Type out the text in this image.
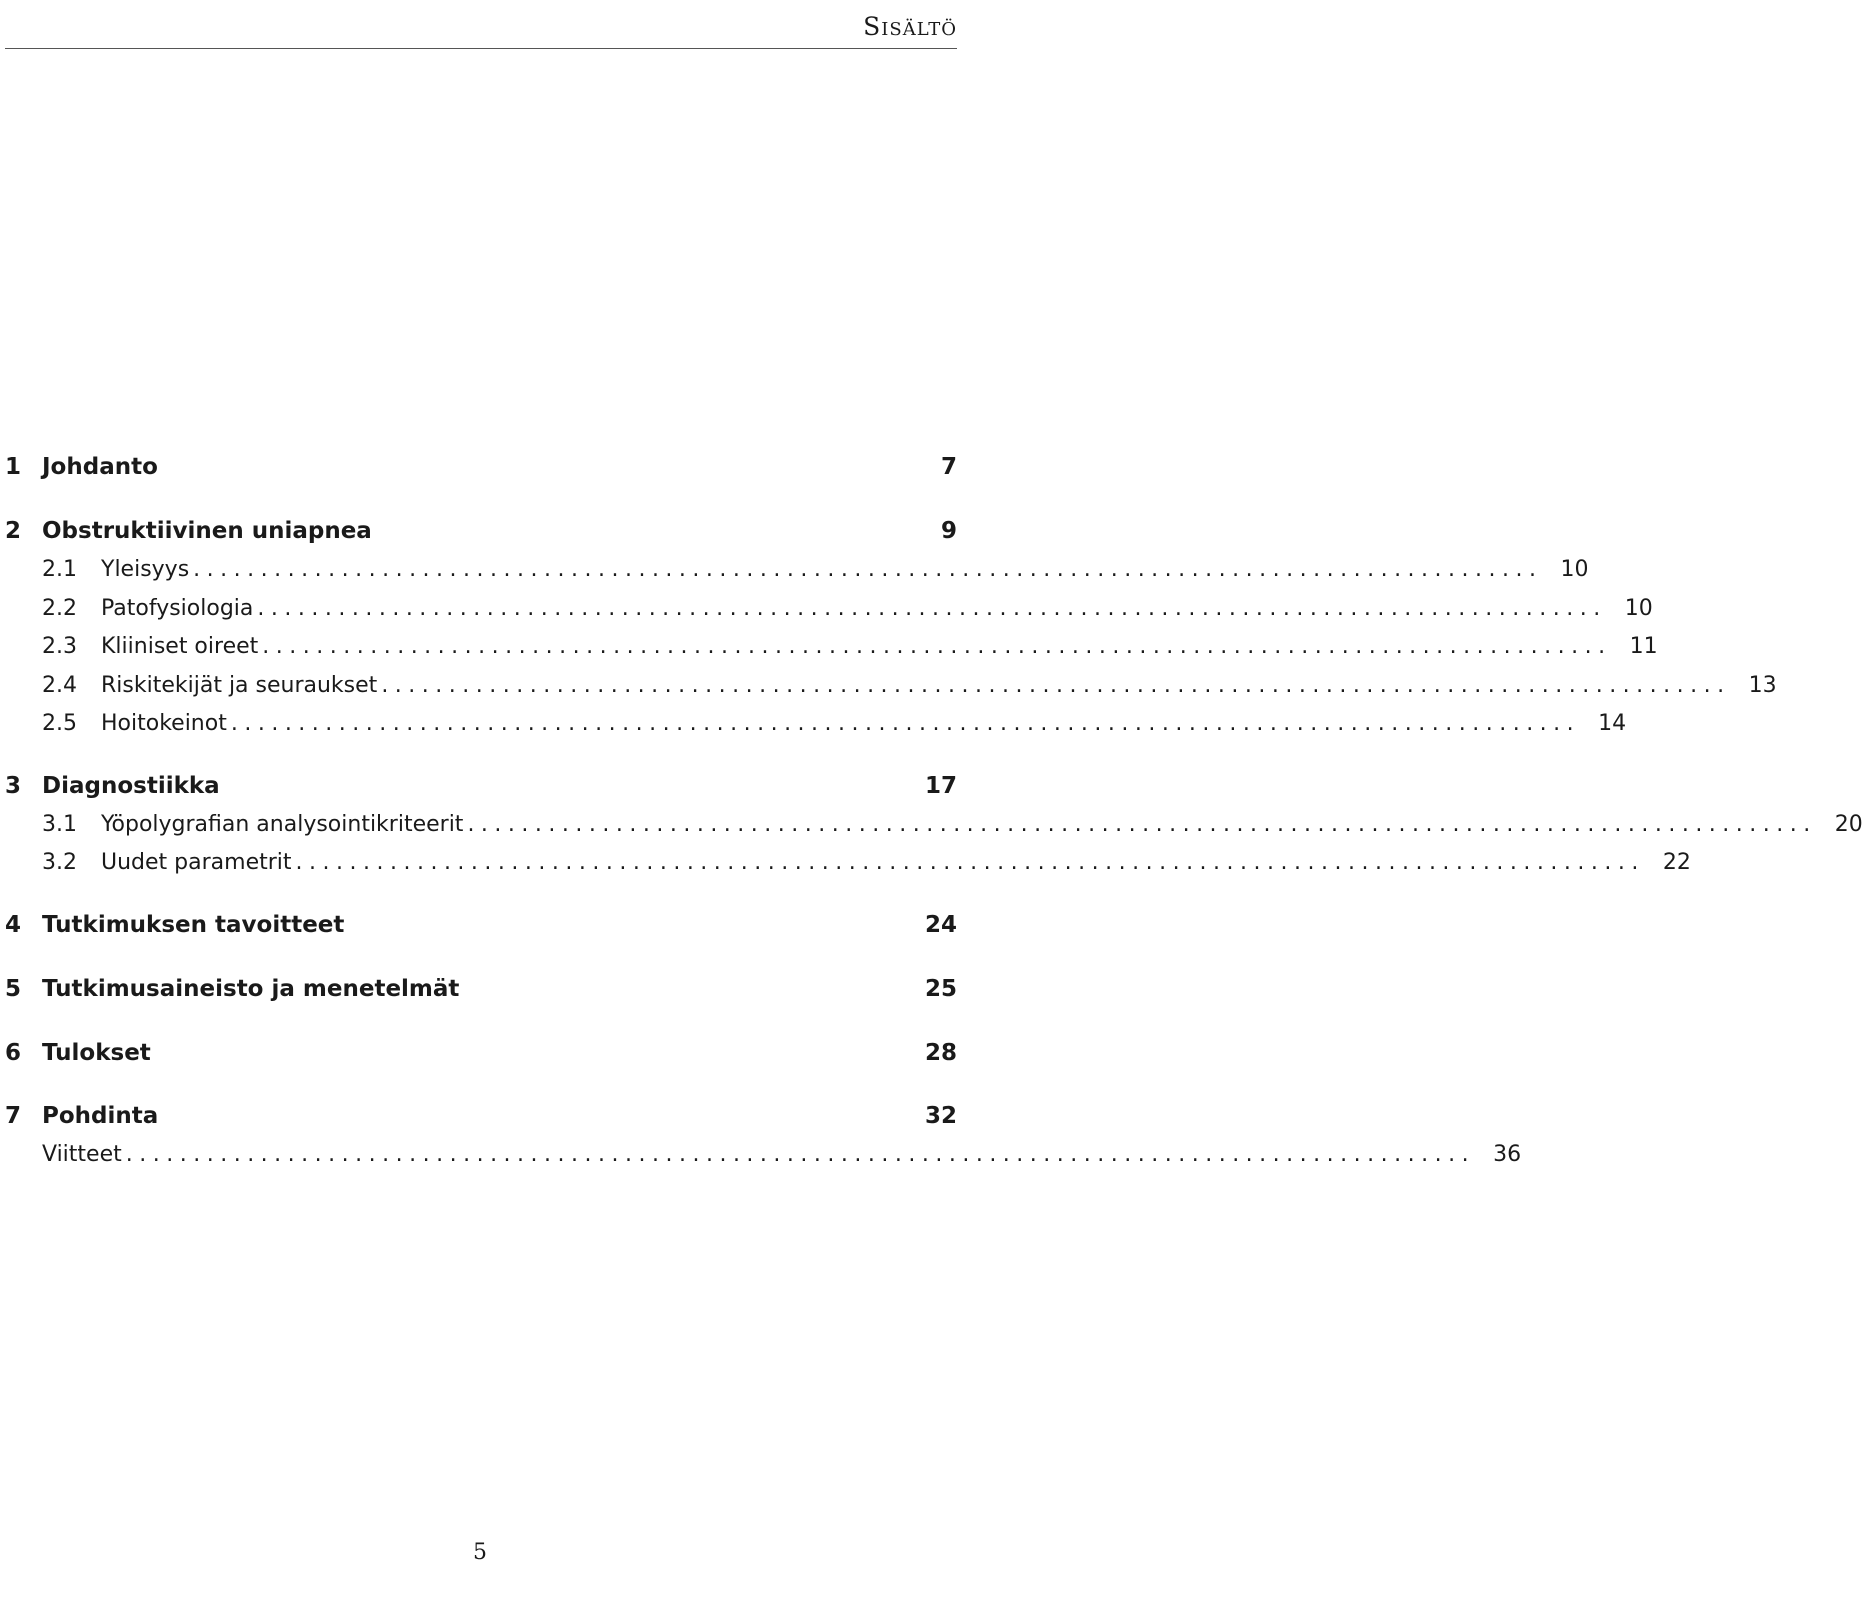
Sisältö
1 Johdanto	7
2 Obstruktiivinen uniapnea	9
2.1	Yleisyys .................................................................................................... 10
2.2	Patofysiologia .................................................................................................... 10
2.3	Kliiniset oireet .................................................................................................... 11
2.4	Riskitekijät ja seuraukset .................................................................................................... 13
2.5	Hoitokeinot .................................................................................................... 14
3 Diagnostiikka	17
3.1	Yöpolygrafian analysointikriteerit .................................................................................................... 20
3.2	Uudet parametrit .................................................................................................... 22
4 Tutkimuksen tavoitteet	24
5 Tutkimusaineisto ja menetelmät	25
6 Tulokset	28
7 Pohdinta	32
Viitteet .................................................................................................... 36
5
